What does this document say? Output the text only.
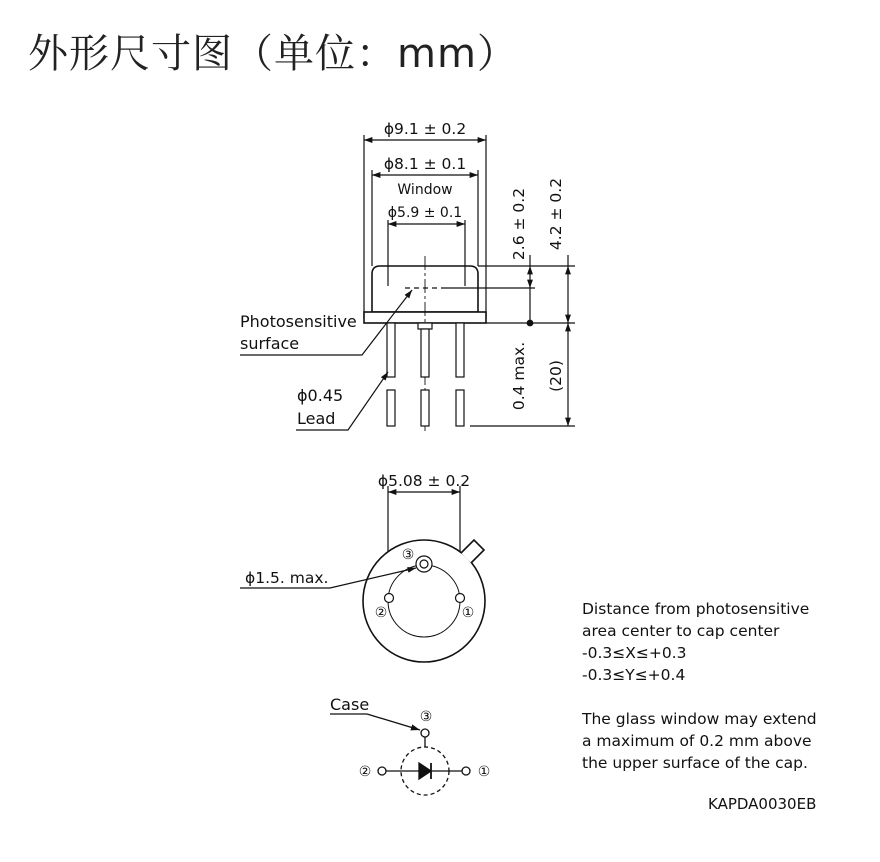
外形尺寸图（单位：mm）
ϕ9.1 ± 0.2
ϕ8.1 ± 0.1
Window
ϕ5.9 ± 0.1	2.6 ± 0.2 4.2 ± 0.2
0.4 max. (20)
Photosensitive
surface
ϕ0.45
Lead
ϕ5.08 ± 0.2
ϕ1.5. max.
③
②	①
Case
③
②	①
Distance from photosensitive
area center to cap center
-0.3≤X≤+0.3
-0.3≤Y≤+0.4
The glass window may extend
a maximum of 0.2 mm above
the upper surface of the cap.
KAPDA0030EB
